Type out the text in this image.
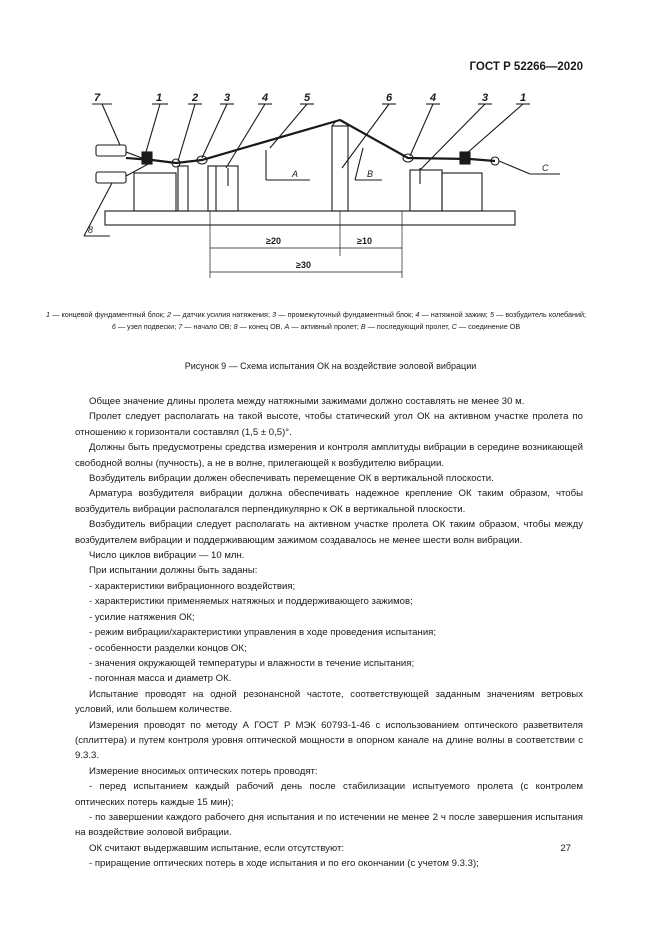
ГОСТ Р 52266—2020
7	1	2 3	4	5	6	4	3	1
A	B
C
8
≥20	≥10
≥30
1 — концевой фундаментный блок; 2 — датчик усилия натяжения; 3 — промежуточный фундаментный блок; 4 — натяжной зажим; 5 — возбудитель колебаний; 6 — узел подвески; 7 — начало ОВ; 8 — конец ОВ, A — активный пролет; B — последующий пролет, C — соединение ОВ
Рисунок 9 — Схема испытания ОК на воздействие эоловой вибрации

Общее значение длины пролета между натяжными зажимами должно составлять не менее 30 м.

Пролет следует располагать на такой высоте, чтобы статический угол ОК на активном участке пролета по отношению к горизонтали составлял (1,5 ± 0,5)°.

Должны быть предусмотрены средства измерения и контроля амплитуды вибрации в середине возникающей свободной волны (пучность), а не в волне, прилегающей к возбудителю вибрации.

Возбудитель вибрации должен обеспечивать перемещение ОК в вертикальной плоскости.

Арматура возбудителя вибрации должна обеспечивать надежное крепление ОК таким образом, чтобы возбудитель вибрации располагался перпендикулярно к ОК в вертикальной плоскости.

Возбудитель вибрации следует располагать на активном участке пролета ОК таким образом, чтобы между возбудителем вибрации и поддерживающим зажимом создавалось не менее шести волн вибрации.

Число циклов вибрации — 10 млн.

При испытании должны быть заданы:

- характеристики вибрационного воздействия;

- характеристики применяемых натяжных и поддерживающего зажимов;

- усилие натяжения ОК;

- режим вибрации/характеристики управления в ходе проведения испытания;

- особенности разделки концов ОК;

- значения окружающей температуры и влажности в течение испытания;

- погонная масса и диаметр ОК.

Испытание проводят на одной резонансной частоте, соответствующей заданным значениям ветровых условий, или большем количестве.

Измерения проводят по методу А ГОСТ Р МЭК 60793-1-46 с использованием оптического разветвителя (сплиттера) и путем контроля уровня оптической мощности в опорном канале на длине волны в соответствии с 9.3.3.

Измерение вносимых оптических потерь проводят:

- перед испытанием каждый рабочий день после стабилизации испытуемого пролета (с контролем оптических потерь каждые 15 мин);

- по завершении каждого рабочего дня испытания и по истечении не менее 2 ч после завершения испытания на воздействие эоловой вибрации.

ОК считают выдержавшим испытание, если отсутствуют:

- приращение оптических потерь в ходе испытания и по его окончании (с учетом 9.3.3);

27
